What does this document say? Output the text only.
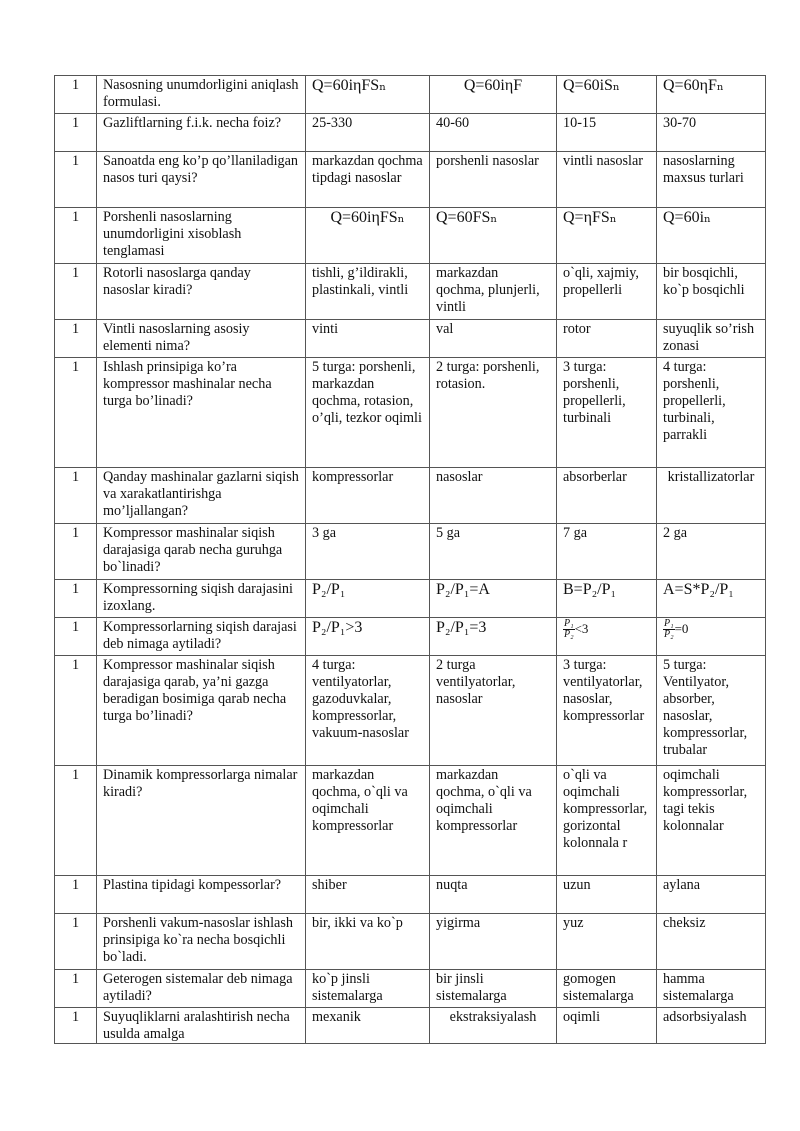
1	Nasosning unumdorligini aniqlash formulasi.	Q=60iηFSₙ	Q=60iηF	Q=60iSₙ	Q=60ηFₙ
1	Gazliftlarning f.i.k. necha foiz?	25-330	40-60	10-15	30-70
1	Sanoatda eng ko’p qo’llaniladigan nasos turi qaysi?	markazdan qochma tipdagi nasoslar	porshenli nasoslar	vintli nasoslar	nasoslarning maxsus turlari
1	Porshenli nasoslarning unumdorligini xisoblash tenglamasi	Q=60iηFSₙ	Q=60FSₙ	Q=ηFSₙ	Q=60iₙ
1	Rotorli nasoslarga qanday nasoslar kiradi?	tishli, g’ildirakli, plastinkali, vintli	markazdan qochma, plunjerli, vintli	o`qli, xajmiy, propellerli	bir bosqichli, ko`p bosqichli
1	Vintli nasoslarning asosiy elementi nima?	vinti	val	rotor	suyuqlik so’rish zonasi
1	Ishlash prinsipiga ko’ra kompressor mashinalar necha turga bo’linadi?	5 turga: porshenli, markazdan qochma, rotasion, o’qli, tezkor oqimli	2 turga: porshenli, rotasion.	3 turga: porshenli, propellerli, turbinali	4 turga: porshenli, propellerli, turbinali, parrakli
1	Qanday mashinalar gazlarni siqish va xarakatlantirishga mo’ljallangan?	kompressorlar	nasoslar	absorberlar	kristallizatorlar
1	Kompressor mashinalar siqish darajasiga qarab necha guruhga bo`linadi?	3 ga	5 ga	7 ga	2 ga
1	Kompressorning siqish darajasini izoxlang.	P₂/P₁	P₂/P₁=A	B=P₂/P₁	A=S*P₂/P₁
1	Kompressorlarning siqish darajasi deb nimaga aytiladi?	P₂/P₁>3	P₂/P₁=3	$\frac{\text{P₁}}{\text{P₂}} <3$	$\frac{\text{P₁}}{\text{P₂}} =0$
1	Kompressor mashinalar siqish darajasiga qarab, ya’ni gazga beradigan bosimiga qarab necha turga bo’linadi?	4 turga: ventilyatorlar, gazoduvkalar, kompressorlar, vakuum-nasoslar	2 turga ventilyatorlar, nasoslar	3 turga: ventilyatorlar, nasoslar, kompressorlar	5 turga: Ventilyator, absorber, nasoslar, kompressorlar, trubalar
1	Dinamik kompressorlarga nimalar kiradi?	markazdan qochma, o`qli va oqimchali kompressorlar	markazdan qochma, o`qli va oqimchali kompressorlar	o`qli va oqimchali kompressorlar, gorizontal kolonnala r	oqimchali kompressorlar, tagi tekis kolonnalar
1	Plastina tipidagi kompessorlar?	shiber	nuqta	uzun	aylana
1	Porshenli vakum-nasoslar ishlash prinsipiga ko`ra necha bosqichli bo`ladi.	bir, ikki va ko`p	yigirma	yuz	cheksiz
1	Geterogen sistemalar deb nimaga aytiladi?	ko`p jinsli sistemalarga	bir jinsli sistemalarga	gomogen sistemalarga	hamma sistemalarga
1	Suyuqliklarni aralashtirish necha usulda amalga	mexanik	ekstraksiyalash	oqimli	adsorbsiyalash
